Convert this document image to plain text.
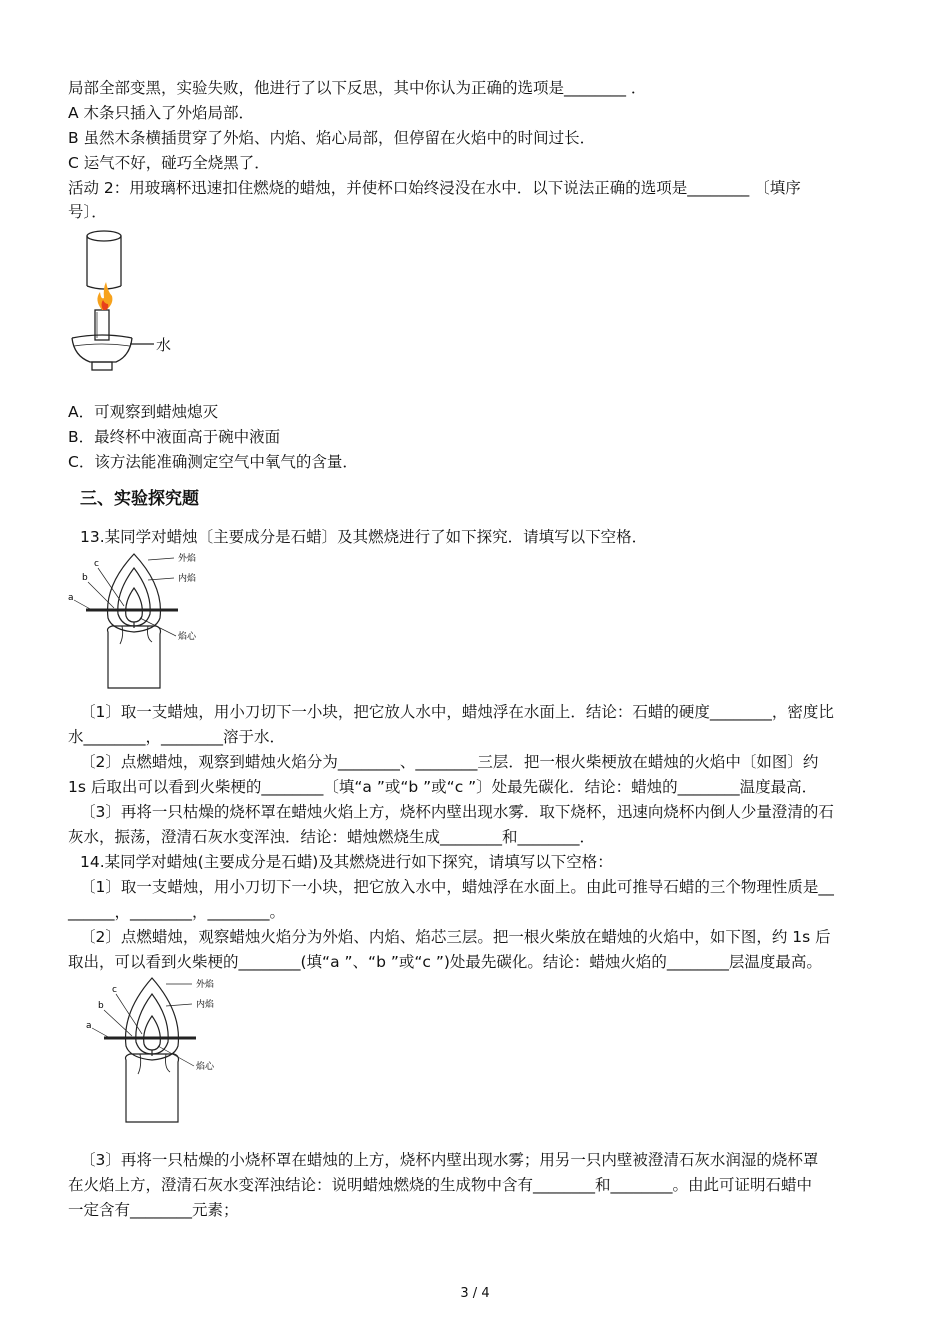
局部全部变黑，实验失败，他进行了以下反思，其中你认为正确的选项是________ ．
A 木条只插入了外焰局部．
B 虽然木条横插贯穿了外焰、内焰、焰心局部，但停留在火焰中的时间过长．
C 运气不好，碰巧全烧黑了．
活动 2：用玻璃杯迅速扣住燃烧的蜡烛，并使杯口始终浸没在水中．以下说法正确的选项是________ 〔填序
号〕．
水
A．可观察到蜡烛熄灭
B．最终杯中液面高于碗中液面
C．该方法能准确测定空气中氧气的含量．
三、实验探究题
13.某同学对蜡烛〔主要成分是石蜡〕及其燃烧进行了如下探究．请填写以下空格．
外焰
内焰
焰心
c
b
a
〔1〕取一支蜡烛，用小刀切下一小块，把它放人水中，蜡烛浮在水面上．结论：石蜡的硬度________，密度比
水________，________溶于水．
〔2〕点燃蜡烛，观察到蜡烛火焰分为________、________三层．把一根火柴梗放在蜡烛的火焰中〔如图〕约
1s 后取出可以看到火柴梗的________〔填“a ”或“b ”或“c ”〕处最先碳化．结论：蜡烛的________温度最高．
〔3〕再将一只枯燥的烧杯罩在蜡烛火焰上方，烧杯内壁出现水雾．取下烧杯，迅速向烧杯内倒人少量澄清的石
灰水，振荡，澄清石灰水变浑浊．结论：蜡烛燃烧生成________和________．
14.某同学对蜡烛(主要成分是石蜡)及其燃烧进行如下探究，请填写以下空格：
〔1〕取一支蜡烛，用小刀切下一小块，把它放入水中，蜡烛浮在水面上。由此可推导石蜡的三个物理性质是__
______，________，________。
〔2〕点燃蜡烛，观察蜡烛火焰分为外焰、内焰、焰芯三层。把一根火柴放在蜡烛的火焰中，如下图，约 1s 后
取出，可以看到火柴梗的________(填“a ”、“b ”或“c ”)处最先碳化。结论：蜡烛火焰的________层温度最高。
外焰
内焰
焰心
c
b
a
〔3〕再将一只枯燥的小烧杯罩在蜡烛的上方，烧杯内壁出现水雾；用另一只内壁被澄清石灰水润湿的烧杯罩
在火焰上方，澄清石灰水变浑浊结论：说明蜡烛燃烧的生成物中含有________和________。由此可证明石蜡中
一定含有________元素；
3 / 4
